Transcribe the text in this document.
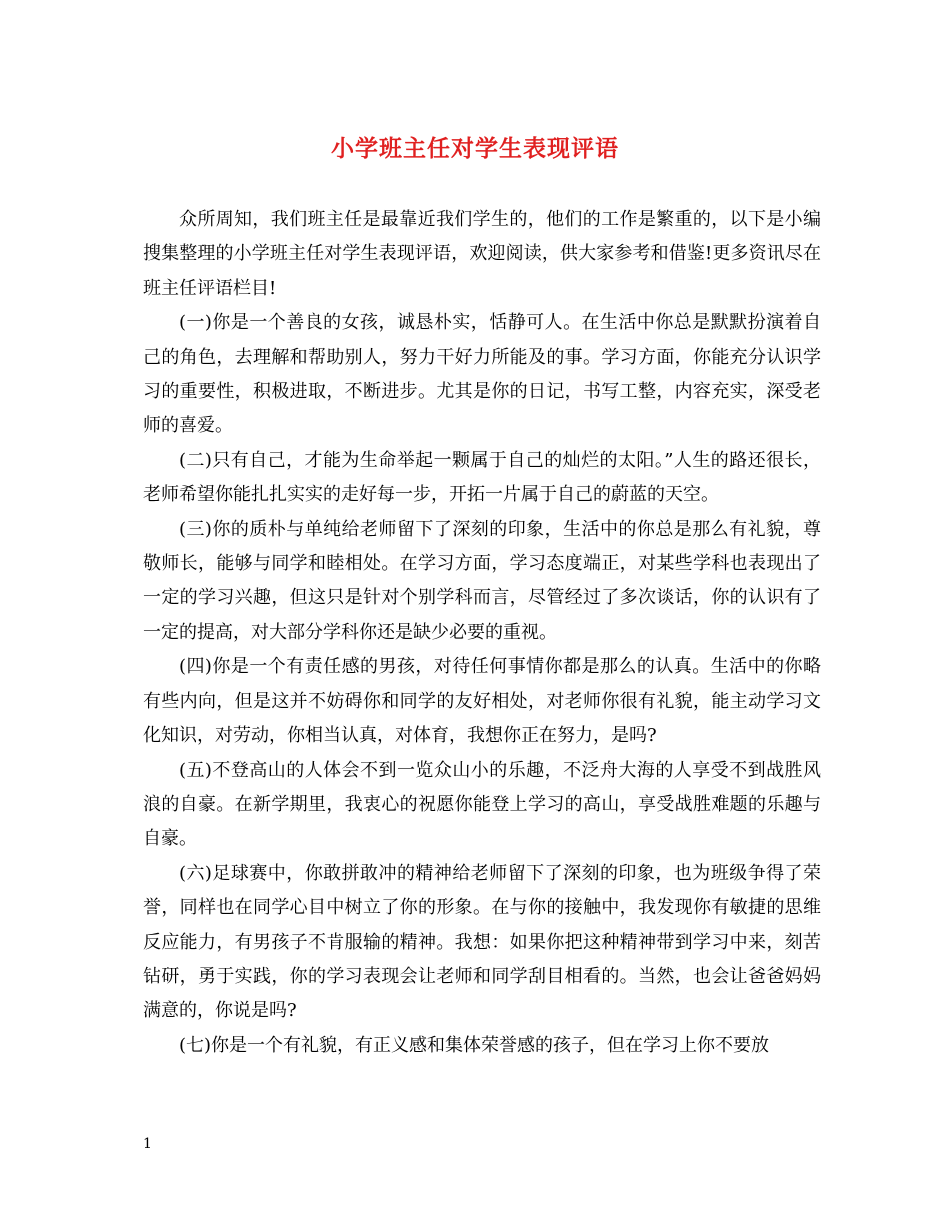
小学班主任对学生表现评语

众所周知，我们班主任是最靠近我们学生的，他们的工作是繁重的，以下是小编搜集整理的小学班主任对学生表现评语，欢迎阅读，供大家参考和借鉴!更多资讯尽在班主任评语栏目!

(一)你是一个善良的女孩，诚恳朴实，恬静可人。在生活中你总是默默扮演着自己的角色，去理解和帮助别人，努力干好力所能及的事。学习方面，你能充分认识学习的重要性，积极进取，不断进步。尤其是你的日记，书写工整，内容充实，深受老师的喜爱。

(二)只有自己，才能为生命举起一颗属于自己的灿烂的太阳。”人生的路还很长，老师希望你能扎扎实实的走好每一步，开拓一片属于自己的蔚蓝的天空。

(三)你的质朴与单纯给老师留下了深刻的印象，生活中的你总是那么有礼貌，尊敬师长，能够与同学和睦相处。在学习方面，学习态度端正，对某些学科也表现出了一定的学习兴趣，但这只是针对个别学科而言，尽管经过了多次谈话，你的认识有了一定的提高，对大部分学科你还是缺少必要的重视。

(四)你是一个有责任感的男孩，对待任何事情你都是那么的认真。生活中的你略有些内向，但是这并不妨碍你和同学的友好相处，对老师你很有礼貌，能主动学习文化知识，对劳动，你相当认真，对体育，我想你正在努力，是吗?

(五)不登高山的人体会不到一览众山小的乐趣，不泛舟大海的人享受不到战胜风浪的自豪。在新学期里，我衷心的祝愿你能登上学习的高山，享受战胜难题的乐趣与自豪。

(六)足球赛中，你敢拼敢冲的精神给老师留下了深刻的印象，也为班级争得了荣誉，同样也在同学心目中树立了你的形象。在与你的接触中，我发现你有敏捷的思维反应能力，有男孩子不肯服输的精神。我想：如果你把这种精神带到学习中来，刻苦钻研，勇于实践，你的学习表现会让老师和同学刮目相看的。当然，也会让爸爸妈妈满意的，你说是吗?

(七)你是一个有礼貌，有正义感和集体荣誉感的孩子，但在学习上你不要放

1
